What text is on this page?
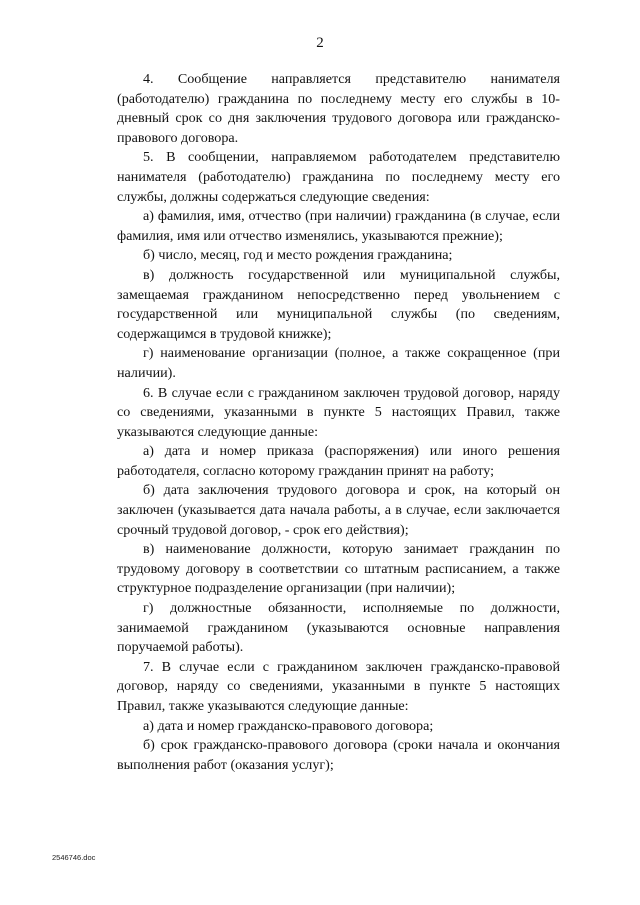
2

4. Сообщение направляется представителю нанимателя (работодателю) гражданина по последнему месту его службы в 10-дневный срок со дня заключения трудового договора или гражданско-правового договора.

5. В сообщении, направляемом работодателем представителю нанимателя (работодателю) гражданина по последнему месту его службы, должны содержаться следующие сведения:

а) фамилия, имя, отчество (при наличии) гражданина (в случае, если фамилия, имя или отчество изменялись, указываются прежние);

б) число, месяц, год и место рождения гражданина;

в) должность государственной или муниципальной службы, замещаемая гражданином непосредственно перед увольнением с государственной или муниципальной службы (по сведениям, содержащимся в трудовой книжке);

г) наименование организации (полное, а также сокращенное (при наличии).

6. В случае если с гражданином заключен трудовой договор, наряду со сведениями, указанными в пункте 5 настоящих Правил, также указываются следующие данные:

а) дата и номер приказа (распоряжения) или иного решения работодателя, согласно которому гражданин принят на работу;

б) дата заключения трудового договора и срок, на который он заключен (указывается дата начала работы, а в случае, если заключается срочный трудовой договор, - срок его действия);

в) наименование должности, которую занимает гражданин по трудовому договору в соответствии со штатным расписанием, а также структурное подразделение организации (при наличии);

г) должностные обязанности, исполняемые по должности, занимаемой гражданином (указываются основные направления поручаемой работы).

7. В случае если с гражданином заключен гражданско-правовой договор, наряду со сведениями, указанными в пункте 5 настоящих Правил, также указываются следующие данные:

а) дата и номер гражданско-правового договора;

б) срок гражданско-правового договора (сроки начала и окончания выполнения работ (оказания услуг);

2546746.doc
